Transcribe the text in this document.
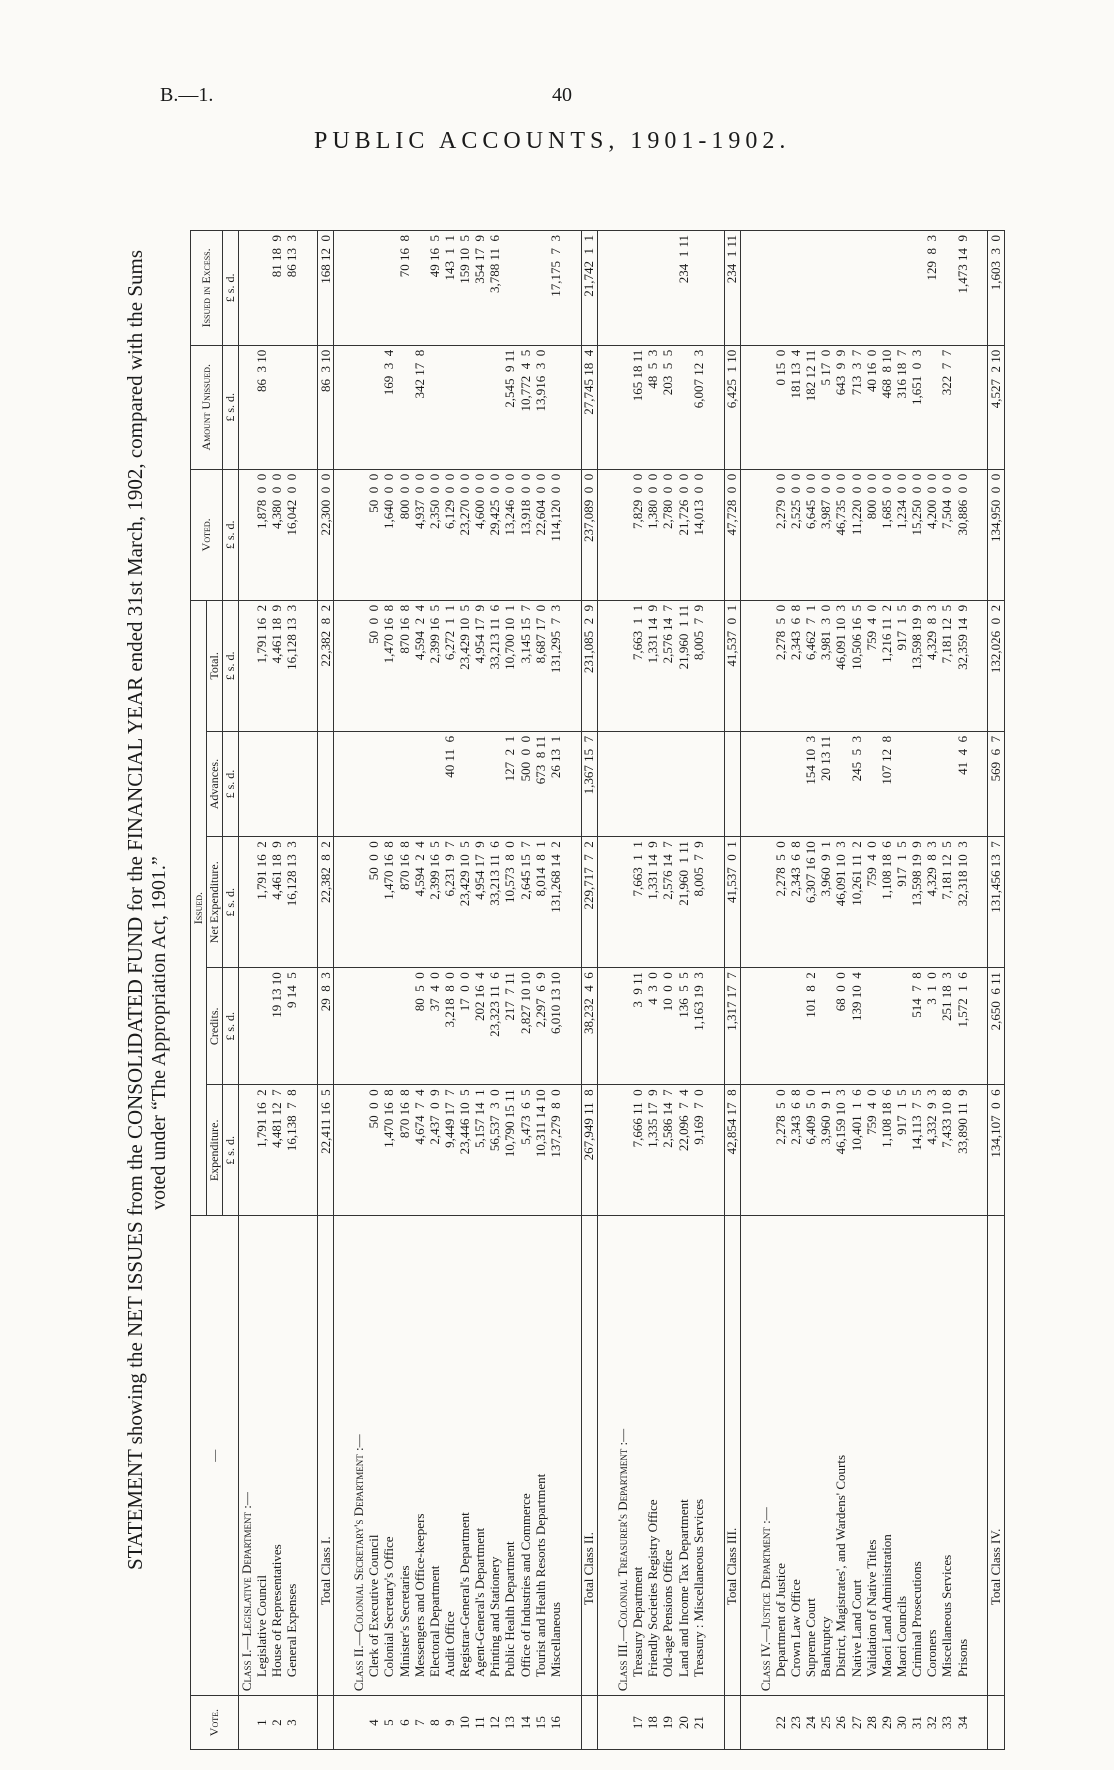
B.—1.	40
PUBLIC ACCOUNTS, 1901-1902.
STATEMENT showing the NET ISSUES from the CONSOLIDATED FUND for the FINANCIAL YEAR ended 31st March, 1902, compared with the Sums voted under “The Appropriation Act, 1901.”
Vote.	—	Issued.					Voted.	Amount Unissued.	Issued in Excess.
		Expenditure.	Credits.	Net Expenditure.	Advances.	Total.			
		£ s. d.	£ s. d.	£ s. d.	£ s. d.	£ s. d.	£ s. d.	£ s. d.	£ s. d.
	Class I.—Legislative Department :—								
1	Legislative Council	1,791 16  2		1,791 16  2		1,791 16  2	1,878  0  0	86  3 10	
2	House of Representatives	4,481 12  7	19 13 10	4,461 18  9		4,461 18  9	4,380  0  0		81 18  9
3	General Expenses	16,138  7  8	9 14  5	16,128 13  3		16,128 13  3	16,042  0  0		86 13  3

	Total Class I.	22,411 16  5	29  8  3	22,382  8  2		22,382  8  2	22,300  0  0	86  3 10	168 12  0

	Class II.—Colonial Secretary's Department :—								
4	Clerk of Executive Council	50  0  0		50  0  0		50  0  0	50  0  0		
5	Colonial Secretary's Office	1,470 16  8		1,470 16  8		1,470 16  8	1,640  0  0	169  3  4	
6	Minister's Secretaries	870 16  8		870 16  8		870 16  8	800  0  0		70 16  8
7	Messengers and Office-keepers	4,674  7  4	80  5  0	4,594  2  4		4,594  2  4	4,937  0  0	342 17  8	
8	Electoral Department	2,437  0  9	37  4  0	2,399 16  5		2,399 16  5	2,350  0  0		49 16  5
9	Audit Office	9,449 17  7	3,218  8  0	6,231  9  7	40 11  6	6,272  1  1	6,129  0  0		143  1  1
10	Registrar-General's Department	23,446 10  5	17  0  0	23,429 10  5		23,429 10  5	23,270  0  0		159 10  5
11	Agent-General's Department	5,157 14  1	202 16  4	4,954 17  9		4,954 17  9	4,600  0  0		354 17  9
12	Printing and Stationery	56,537  3  0	23,323 11  6	33,213 11  6		33,213 11  6	29,425  0  0		3,788 11  6
13	Public Health Department	10,790 15 11	217  7 11	10,573  8  0	127  2  1	10,700 10  1	13,246  0  0	2,545  9 11	
14	Office of Industries and Commerce	5,473  6  5	2,827 10 10	2,645 15  7	500  0  0	3,145 15  7	13,918  0  0	10,772  4  5	
15	Tourist and Health Resorts Department	10,311 14 10	2,297  6  9	8,014  8  1	673  8 11	8,687 17  0	22,604  0  0	13,916  3  0	
16	Miscellaneous	137,279  8  0	6,010 13 10	131,268 14  2	26 13  1	131,295  7  3	114,120  0  0		17,175  7  3

	Total Class II.	267,949 11  8	38,232  4  6	229,717  7  2	1,367 15  7	231,085  2  9	237,089  0  0	27,745 18  4	21,742  1  1

	Class III.—Colonial Treasurer's Department :—								
17	Treasury Department	7,666 11  0	3  9 11	7,663  1  1		7,663  1  1	7,829  0  0	165 18 11	
18	Friendly Societies Registry Office	1,335 17  9	4  3  0	1,331 14  9		1,331 14  9	1,380  0  0	48  5  3	
19	Old-age Pensions Office	2,586 14  7	10  0  0	2,576 14  7		2,576 14  7	2,780  0  0	203  5  5	
20	Land and Income Tax Department	22,096  7  4	136  5  5	21,960  1 11		21,960  1 11	21,726  0  0		234  1 11
21	Treasury : Miscellaneous Services	9,169  7  0	1,163 19  3	8,005  7  9		8,005  7  9	14,013  0  0	6,007 12  3	

	Total Class III.	42,854 17  8	1,317 17  7	41,537  0  1		41,537  0  1	47,728  0  0	6,425  1 10	234  1 11

	Class IV.—Justice Department :—								
22	Department of Justice	2,278  5  0		2,278  5  0		2,278  5  0	2,279  0  0	0 15  0	
23	Crown Law Office	2,343  6  8		2,343  6  8		2,343  6  8	2,525  0  0	181 13  4	
24	Supreme Court	6,409  5  0	101  8  2	6,307 16 10	154 10  3	6,462  7  1	6,645  0  0	182 12 11	
25	Bankruptcy	3,960  9  1		3,960  9  1	20 13 11	3,981  3  0	3,987  0  0	5 17  0	
26	District, Magistrates', and Wardens' Courts	46,159 10  3	68  0  0	46,091 10  3		46,091 10  3	46,735  0  0	643  9  9	
27	Native Land Court	10,401  1  6	139 10  4	10,261 11  2	245  5  3	10,506 16  5	11,220  0  0	713  3  7	
28	Validation of Native Titles	759  4  0		759  4  0		759  4  0	800  0  0	40 16  0	
29	Maori Land Administration	1,108 18  6		1,108 18  6	107 12  8	1,216 11  2	1,685  0  0	468  8 10	
30	Maori Councils	917  1  5		917  1  5		917  1  5	1,234  0  0	316 18  7	
31	Criminal Prosecutions	14,113  7  5	514  7  8	13,598 19  9		13,598 19  9	15,250  0  0	1,651  0  3	
32	Coroners	4,332  9  3	3  1  0	4,329  8  3		4,329  8  3	4,200  0  0		129  8  3
33	Miscellaneous Services	7,433 10  8	251 18  3	7,181 12  5		7,181 12  5	7,504  0  0	322  7  7	
34	Prisons	33,890 11  9	1,572  1  6	32,318 10  3	41  4  6	32,359 14  9	30,886  0  0		1,473 14  9

	Total Class IV.	134,107  0  6	2,650  6 11	131,456 13  7	569  6  7	132,026  0  2	134,950  0  0	4,527  2 10	1,603  3  0
